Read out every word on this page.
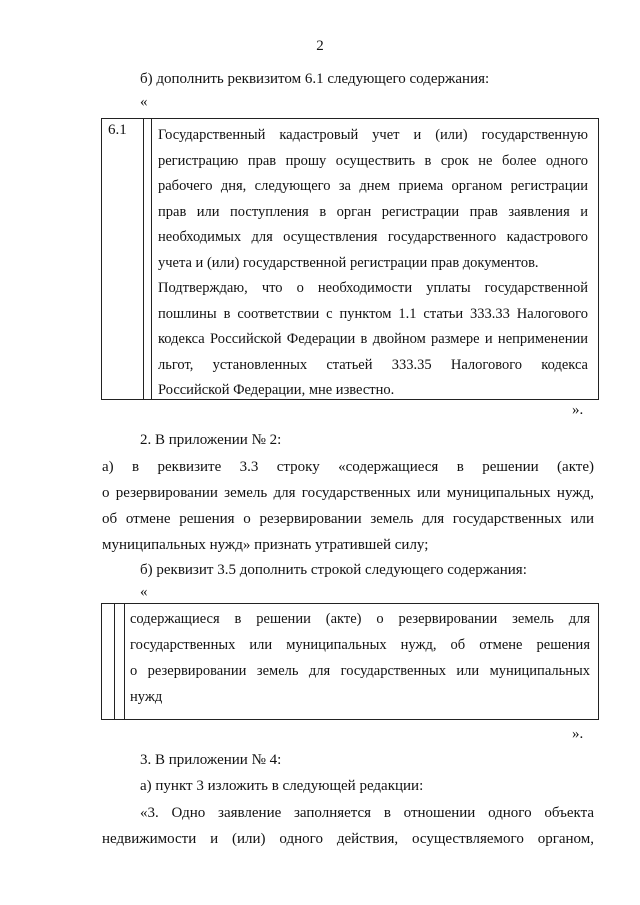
2
б) дополнить реквизитом 6.1 следующего содержания:
«
6.1 Государственный кадастровый учет и (или) государственную
регистрацию прав прошу осуществить в срок не более одного
рабочего дня, следующего за днем приема органом регистрации
прав или поступления в орган регистрации прав заявления и
необходимых для осуществления государственного кадастрового
учета и (или) государственной регистрации прав документов.
Подтверждаю, что о необходимости уплаты государственной
пошлины в соответствии с пунктом 1.1 статьи 333.33 Налогового
кодекса Российской Федерации в двойном размере и неприменении
льгот, установленных статьей 333.35 Налогового кодекса
Российской Федерации, мне известно.
».
2. В приложении № 2:
а) в реквизите 3.3 строку «содержащиеся в решении (акте)
о резервировании земель для государственных или муниципальных нужд,
об отмене решения о резервировании земель для государственных или
муниципальных нужд» признать утратившей силу;
б) реквизит 3.5 дополнить строкой следующего содержания:
«
содержащиеся в решении (акте) о резервировании земель для
государственных или муниципальных нужд, об отмене решения
о резервировании земель для государственных или муниципальных
нужд
».
3. В приложении № 4:
а) пункт 3 изложить в следующей редакции:
«3. Одно заявление заполняется в отношении одного объекта
недвижимости и (или) одного действия, осуществляемого органом,
